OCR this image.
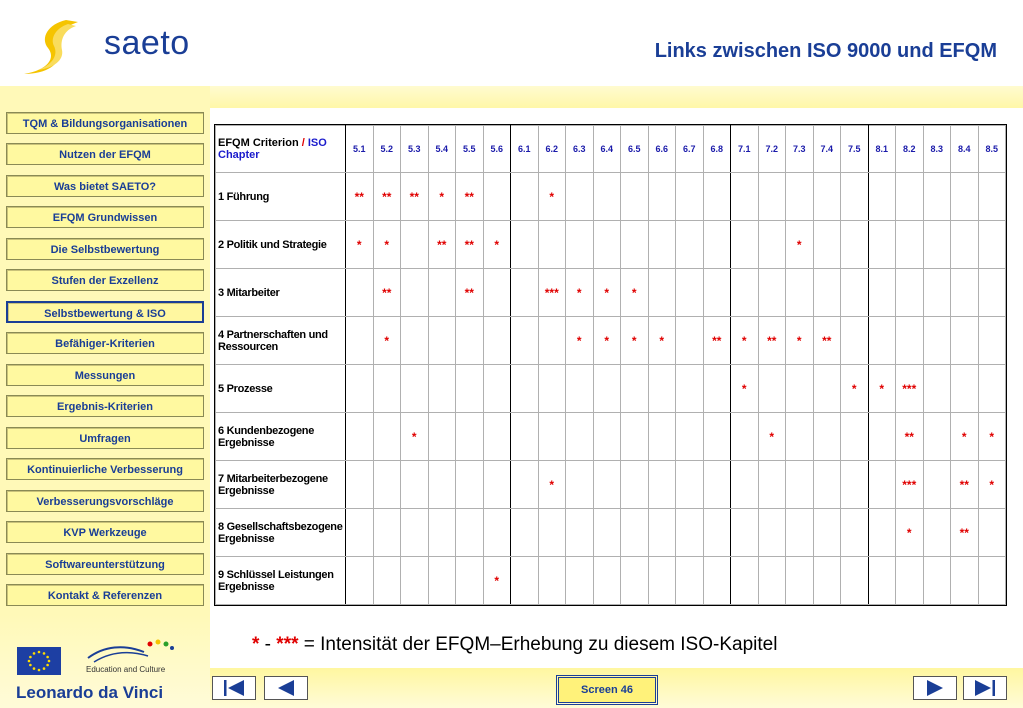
saeto	Links zwischen ISO 9000 und EFQM
TQM & Bildungsorganisationen
Nutzen der EFQM
Was bietet SAETO?
EFQM Grundwissen
Die Selbstbewertung
Stufen der Exzellenz
Selbstbewertung & ISO
Befähiger-Kriterien
Messungen
Ergebnis-Kriterien
Umfragen
Kontinuierliche Verbesserung
Verbesserungsvorschläge
KVP Werkzeuge
Softwareunterstützung
Kontakt & Referenzen
EFQM Criterion / ISO Chapter	5.1	5.2	5.3	5.4	5.5	5.6	6.1	6.2	6.3	6.4	6.5	6.6	6.7	6.8	7.1	7.2	7.3	7.4	7.5	8.1	8.2	8.3	8.4	8.5
1 Führung	**	**	**	*	**			*																
2 Politik und Strategie	*	*		**	**	*											*							
3 Mitarbeiter		**			**			***	*	*	*													
4 Partnerschaften und Ressourcen		*							*	*	*	*		**	*	**	*	**						
5 Prozesse															*				*	*	***			
6 Kundenbezogene Ergebnisse			*													*					**		*	*
7 Mitarbeiterbezogene Ergebnisse								*													***		**	*
8 Gesellschaftsbezogene Ergebnisse																					*		**	
9 Schlüssel Leistungen Ergebnisse						*																		
* - *** = Intensität der EFQM–Erhebung zu diesem ISO-Kapitel
Screen 46
Education and Culture
Leonardo da Vinci
